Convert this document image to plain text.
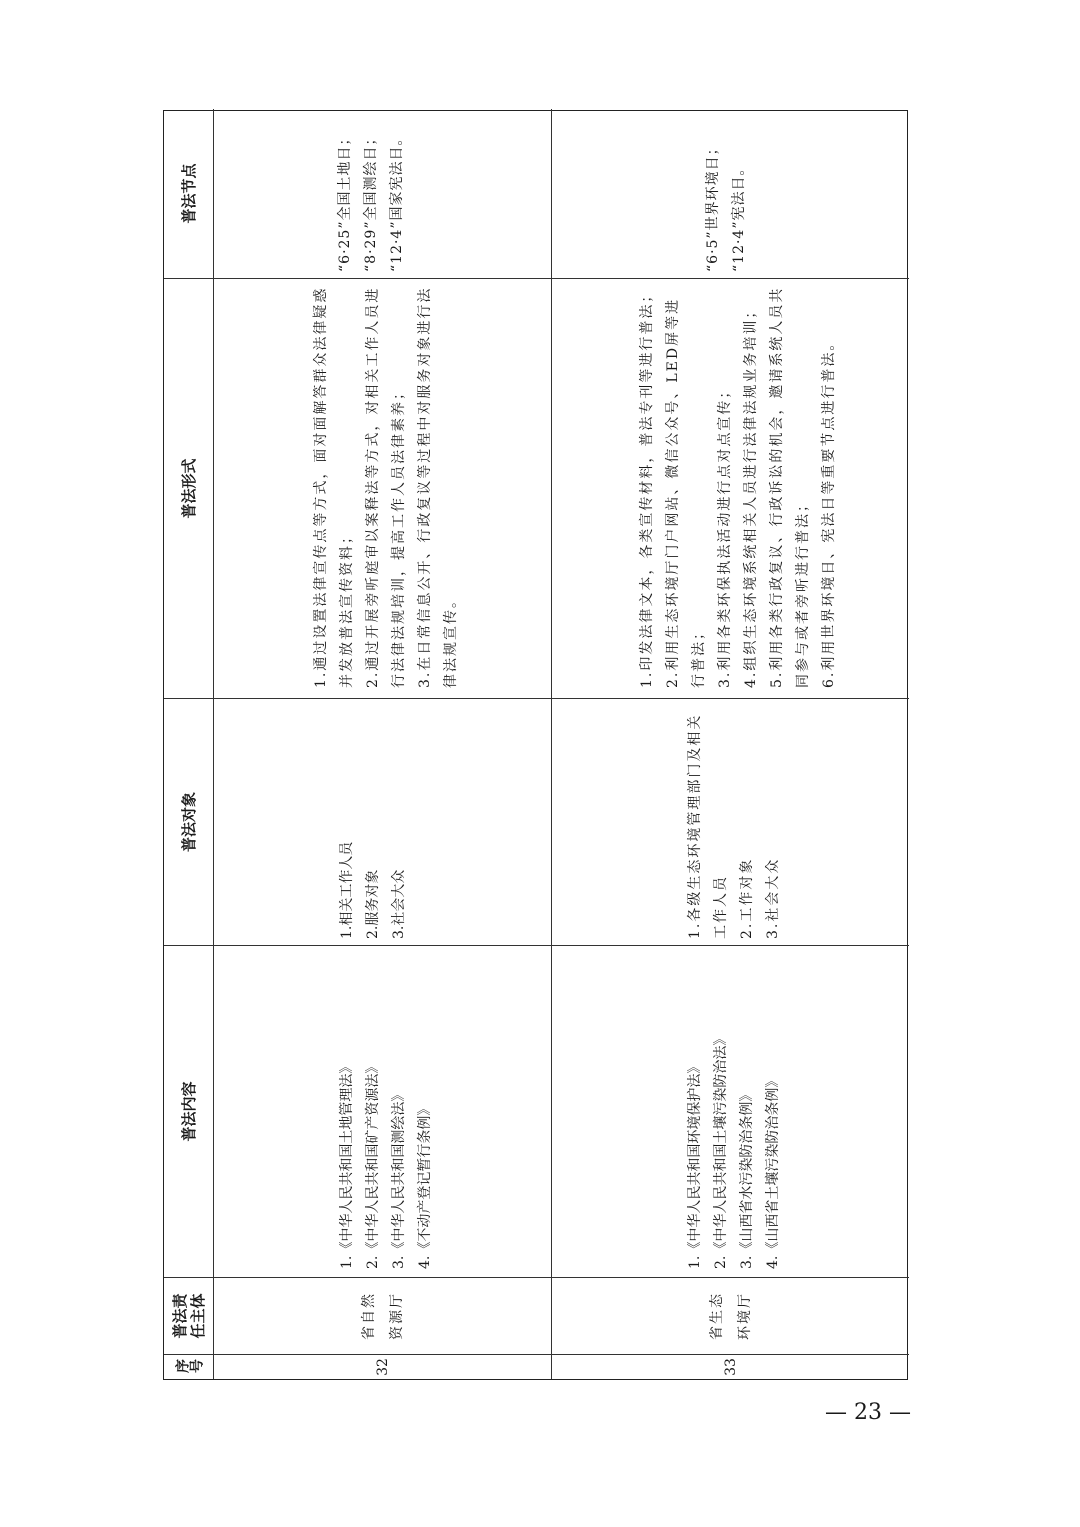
序号
普法责任主体
普法内容
普法对象
普法形式
普法节点
32
省自然资源厅
1.《中华人民共和国土地管理法》 2.《中华人民共和国矿产资源法》 3.《中华人民共和国测绘法》 4.《不动产登记暂行条例》
1.相关工作人员 2.服务对象 3.社会大众
1.通过设置法律宣传点等方式，面对面解答群众法律疑惑并发放普法宣传资料； 2.通过开展旁听庭审以案释法等方式，对相关工作人员进行法律法规培训，提高工作人员法律素养； 3.在日常信息公开、行政复议等过程中对服务对象进行法律法规宣传。
“6·25”全国土地日； “8·29”全国测绘日； “12·4”国家宪法日。
33
省生态环境厅
1.《中华人民共和国环境保护法》 2.《中华人民共和国土壤污染防治法》 3.《山西省水污染防治条例》 4.《山西省土壤污染防治条例》
1.各级生态环境管理部门及相关工作人员 2.工作对象 3.社会大众
1.印发法律文本，各类宣传材料，普法专刊等进行普法； 2.利用生态环境厅门户网站、微信公众号、LED屏等进行普法； 3.利用各类环保执法活动进行点对点宣传； 4.组织生态环境系统相关人员进行法律法规业务培训； 5.利用各类行政复议、行政诉讼的机会，邀请系统人员共同参与或者旁听进行普法； 6.利用世界环境日、宪法日等重要节点进行普法。
“6·5”世界环境日； “12·4”宪法日。
— 23 —
